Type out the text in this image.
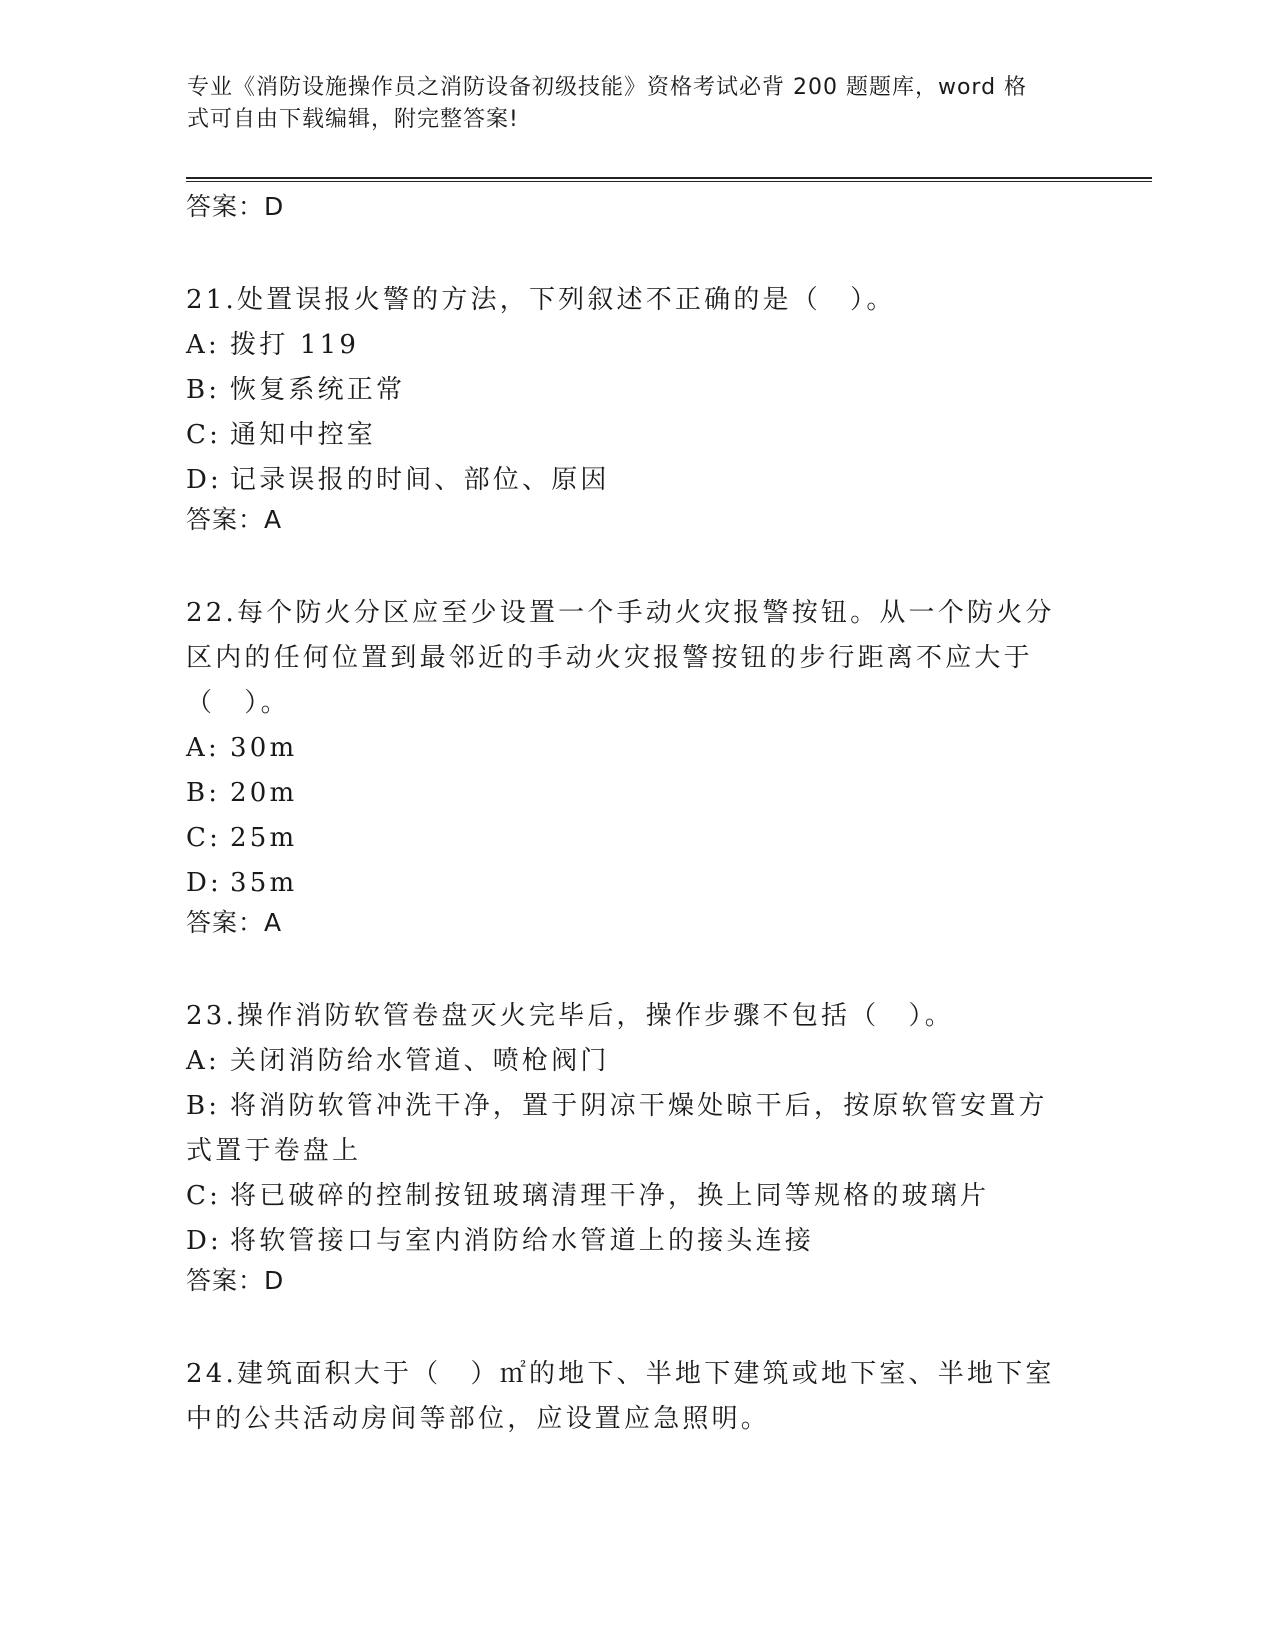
专业《消防设施操作员之消防设备初级技能》资格考试必背 200 题题库，word 格
式可自由下载编辑，附完整答案!
答案：D
21.处置误报火警的方法，下列叙述不正确的是（　）。
A: 拨打 119
B: 恢复系统正常
C: 通知中控室
D: 记录误报的时间、部位、原因
答案：A
22.每个防火分区应至少设置一个手动火灾报警按钮。从一个防火分区内的任何位置到最邻近的手动火灾报警按钮的步行距离不应大于（　）。
A: 30m
B: 20m
C: 25m
D: 35m
答案：A
23.操作消防软管卷盘灭火完毕后，操作步骤不包括（　）。
A: 关闭消防给水管道、喷枪阀门
B: 将消防软管冲洗干净，置于阴凉干燥处晾干后，按原软管安置方式置于卷盘上
C: 将已破碎的控制按钮玻璃清理干净，换上同等规格的玻璃片
D: 将软管接口与室内消防给水管道上的接头连接
答案：D
24.建筑面积大于（　）㎡的地下、半地下建筑或地下室、半地下室中的公共活动房间等部位，应设置应急照明。
